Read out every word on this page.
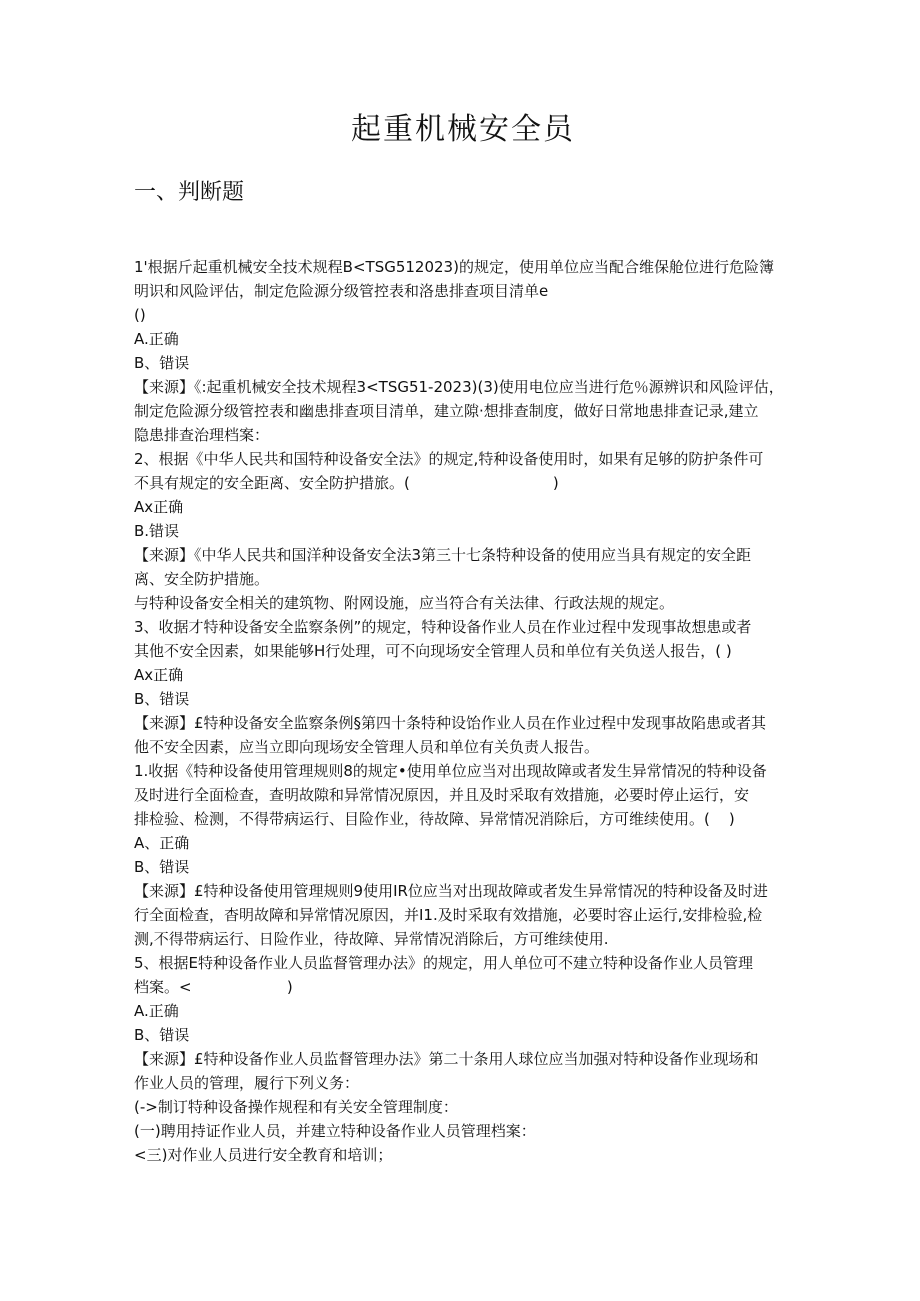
起重机械安全员
一、判断题

1'根据斤起重机械安全技术规程B<TSG512023)的规定，使用单位应当配合维保舱位进行危险簿

明识和风险评估，制定危险源分级管控表和洛患排查项目清单e

()

A.正确

B、错误

【来源】《:起重机械安全技术规程3<TSG51-2023)(3)使用电位应当进行危％源辨识和风险评估，

制定危险源分级管控表和幽患排查项目清单，建立隙·想排查制度，做好日常地患排查记录,建立

隐患排查治理档案：

2、根据《中华人民共和国特种设备安全法》的规定,特种设备使用时，如果有足够的防护条件可

不具有规定的安全距离、安全防护措旅。(                              )

Ax正确

B.错误

【来源】《中华人民共和国洋种设备安全法3第三十七条特种设备的使用应当具有规定的安全距

离、安全防护措施。

与特种设备安全相关的建筑物、附网设施，应当符合有关法律、行政法规的规定。

3、收据才特种设备安全监察条例”的规定，特种设备作业人员在作业过程中发现事故想患或者

其他不安全因素，如果能够H行处理，可不向现场安全管理人员和单位有关负送人报告，( )

Ax正确

B、错误

【来源】£特种设备安全监察条例§第四十条特种设饴作业人员在作业过程中发现事故陷患或者其

他不安全因素，应当立即向现场安全管理人员和单位有关负责人报告。

1.收据《特种设备使用管理规则8的规定•使用单位应当对出现故障或者发生异常情况的特种设备

及时进行全面检查，查明故隙和异常情况原因，并且及时采取有效措施，必要时停止运行，安

排检验、检测，不得带病运行、目险作业，待故障、异常情况消除后，方可维续使用。(    )

A、正确

B、错误

【来源】£特种设备使用管理规则9使用IR位应当对出现故障或者发生异常情况的特种设备及时进

行全面检查，杳明故障和异常情况原因，并I1.及时采取有效措施，必要时容止运行,安排检验,检

测,不得带病运行、日险作业，待故障、异常情况消除后，方可维续使用.

5、根据E特种设备作业人员监督管理办法》的规定，用人单位可不建立特种设备作业人员管理

档案。<                    )

A.正确

B、错误

【来源】£特种设备作业人员监督管理办法》第二十条用人球位应当加强对特种设备作业现场和

作业人员的管理，履行下列义务：

(->制订特种设备操作规程和有关安全管理制度：

(一)聘用持证作业人员，并建立特种设备作业人员管理档案：

<三)对作业人员进行安全教育和培训；
